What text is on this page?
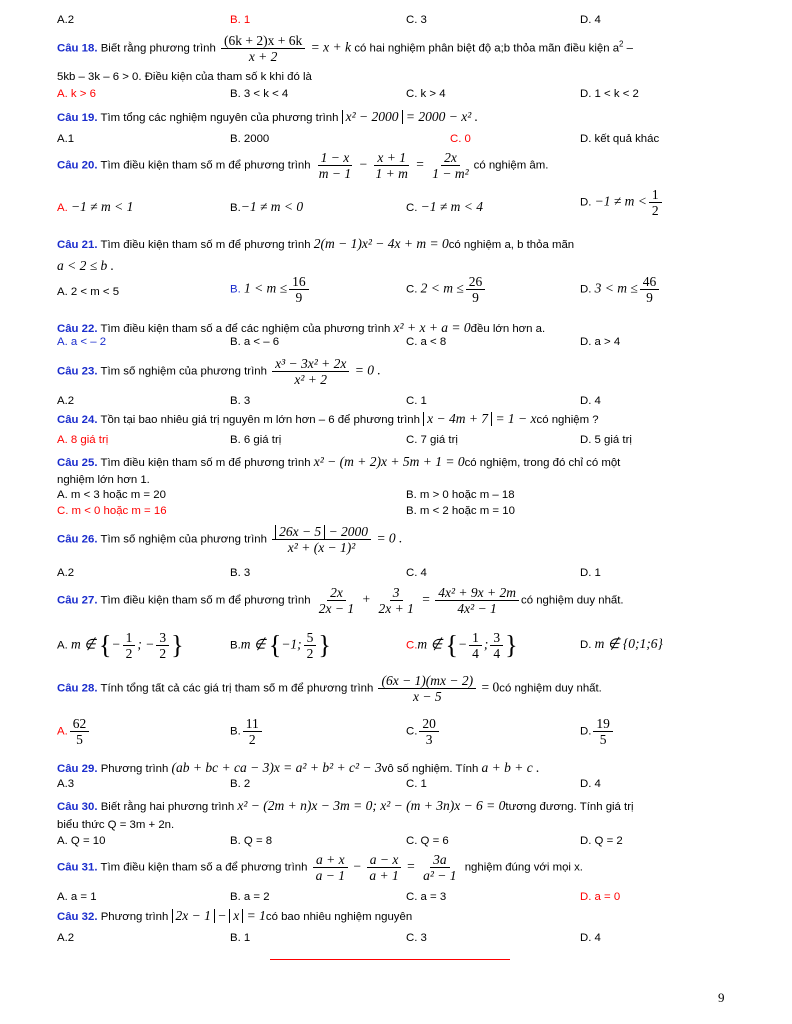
A.2	B. 1	C. 3	D. 4
Câu 18. Biết rằng phương trình $\frac{(6k + 2)x + 6k}{x + 2} = x + k$ có hai nghiệm phân biệt độ a;b thỏa mãn điều kiện $a^2$ –
5kb – 3k – 6 > 0. Điều kiện của tham số k khi đó là
A. k > 6	B. 3 < k < 4	C. k > 4	D. 1 < k < 2
Câu 19. Tìm tổng các nghiệm nguyên của phương trình x² − 2000 = 2000 − x² .
A.1	B. 2000	C. 0	D. kết quả khác
Câu 20. Tìm điều kiện tham số m để phương trình $\frac{1 - x}{m - 1} - \frac{x + 1}{1 + m} = \frac{2x}{\text{1 − m²}}$ có nghiệm âm.
A. −1 ≠ m < 1	B.−1 ≠ m < 0	C. −1 ≠ m < 4	D. $-1 \ne m < \frac{1}{2}$
Câu 21. Tìm điều kiện tham số m để phương trình 2(m − 1)x² − 4x + m = 0có nghiệm a, b thỏa mãn
a < 2 ≤ b .
A. 2 < m < 5	B. $1 < m \le \frac{16}{9}$	C. $2 < m \le \frac{26}{9}$	D. $3 < m \le \frac{46}{9}$
Câu 22. Tìm điều kiện tham số a để các nghiệm của phương trình x² + x + a = 0đều lớn hơn a.
A. a < – 2	B. a < – 6	C. a < 8	D. a > 4
Câu 23. Tìm số nghiệm của phương trình $\frac{\text{x³ − 3x² + 2x}}{\text{x² + 2}} = 0$ .
A.2	B. 3	C. 1	D. 4
Câu 24. Tồn tại bao nhiêu giá trị nguyên m lớn hơn – 6 để phương trình x − 4m + 7 = 1 − xcó nghiệm ?
A. 8 giá trị	B. 6 giá trị	C. 7 giá trị	D. 5 giá trị
Câu 25. Tìm điều kiện tham số m để phương trình x² − (m + 2)x + 5m + 1 = 0có nghiệm, trong đó chỉ có một
nghiệm lớn hơn 1.
A. m < 3 hoặc m = 20	B. m > 0 hoặc m – 18
C. m < 0 hoặc m = 16	B. m < 2 hoặc m = 10
Câu 26. Tìm số nghiệm của phương trình $\frac{26x - 5 - 2000}{\text{x² + (x − 1)²}} = 0$ .
A.2	B. 3	C. 4	D. 1
Câu 27. Tìm điều kiện tham số m để phương trình $\frac{2x}{2x - 1} + \frac{3}{2x + 1} = \frac{\text{4x² + 9x + 2m}}{\text{4x² − 1}}$ có nghiệm duy nhất.
A. m ∉ {− $\frac{1}{2}$ ; − $\frac{3}{2}$ }	B.m ∉ {−1; $\frac{5}{2}$ }	C.m ∉ {− $\frac{1}{4}$ ; $\frac{3}{4}$ }	D. m ∉ {0;1;6}
Câu 28. Tính tổng tất cả các giá trị tham số m để phương trình $\frac{(6x - 1)(mx - 2)}{x - 5}$ = 0có nghiệm duy nhất.
A. $\frac{62}{5}$	B. $\frac{11}{2}$	C. $\frac{20}{3}$	D. $\frac{19}{5}$
Câu 29. Phương trình (ab + bc + ca − 3)x = a² + b² + c² − 3vô số nghiệm. Tính a + b + c .
A.3	B. 2	C. 1	D. 4
Câu 30. Biết rằng hai phương trình x² − (2m + n)x − 3m = 0; x² − (m + 3n)x − 6 = 0tương đương. Tính giá trị
biểu thức Q = 3m + 2n.
A. Q = 10	B. Q = 8	C. Q = 6	D. Q = 2
Câu 31. Tìm điều kiện tham số a để phương trình $\frac{a + x}{a - 1} - \frac{a - x}{a + 1} = \frac{3a}{\text{a² − 1}}$ nghiệm đúng với mọi x.
A. a = 1	B. a = 2	C. a = 3	D. a = 0
Câu 32. Phương trình 2x − 1 − x = 1có bao nhiêu nghiệm nguyên
A.2	B. 1	C. 3	D. 4
9
